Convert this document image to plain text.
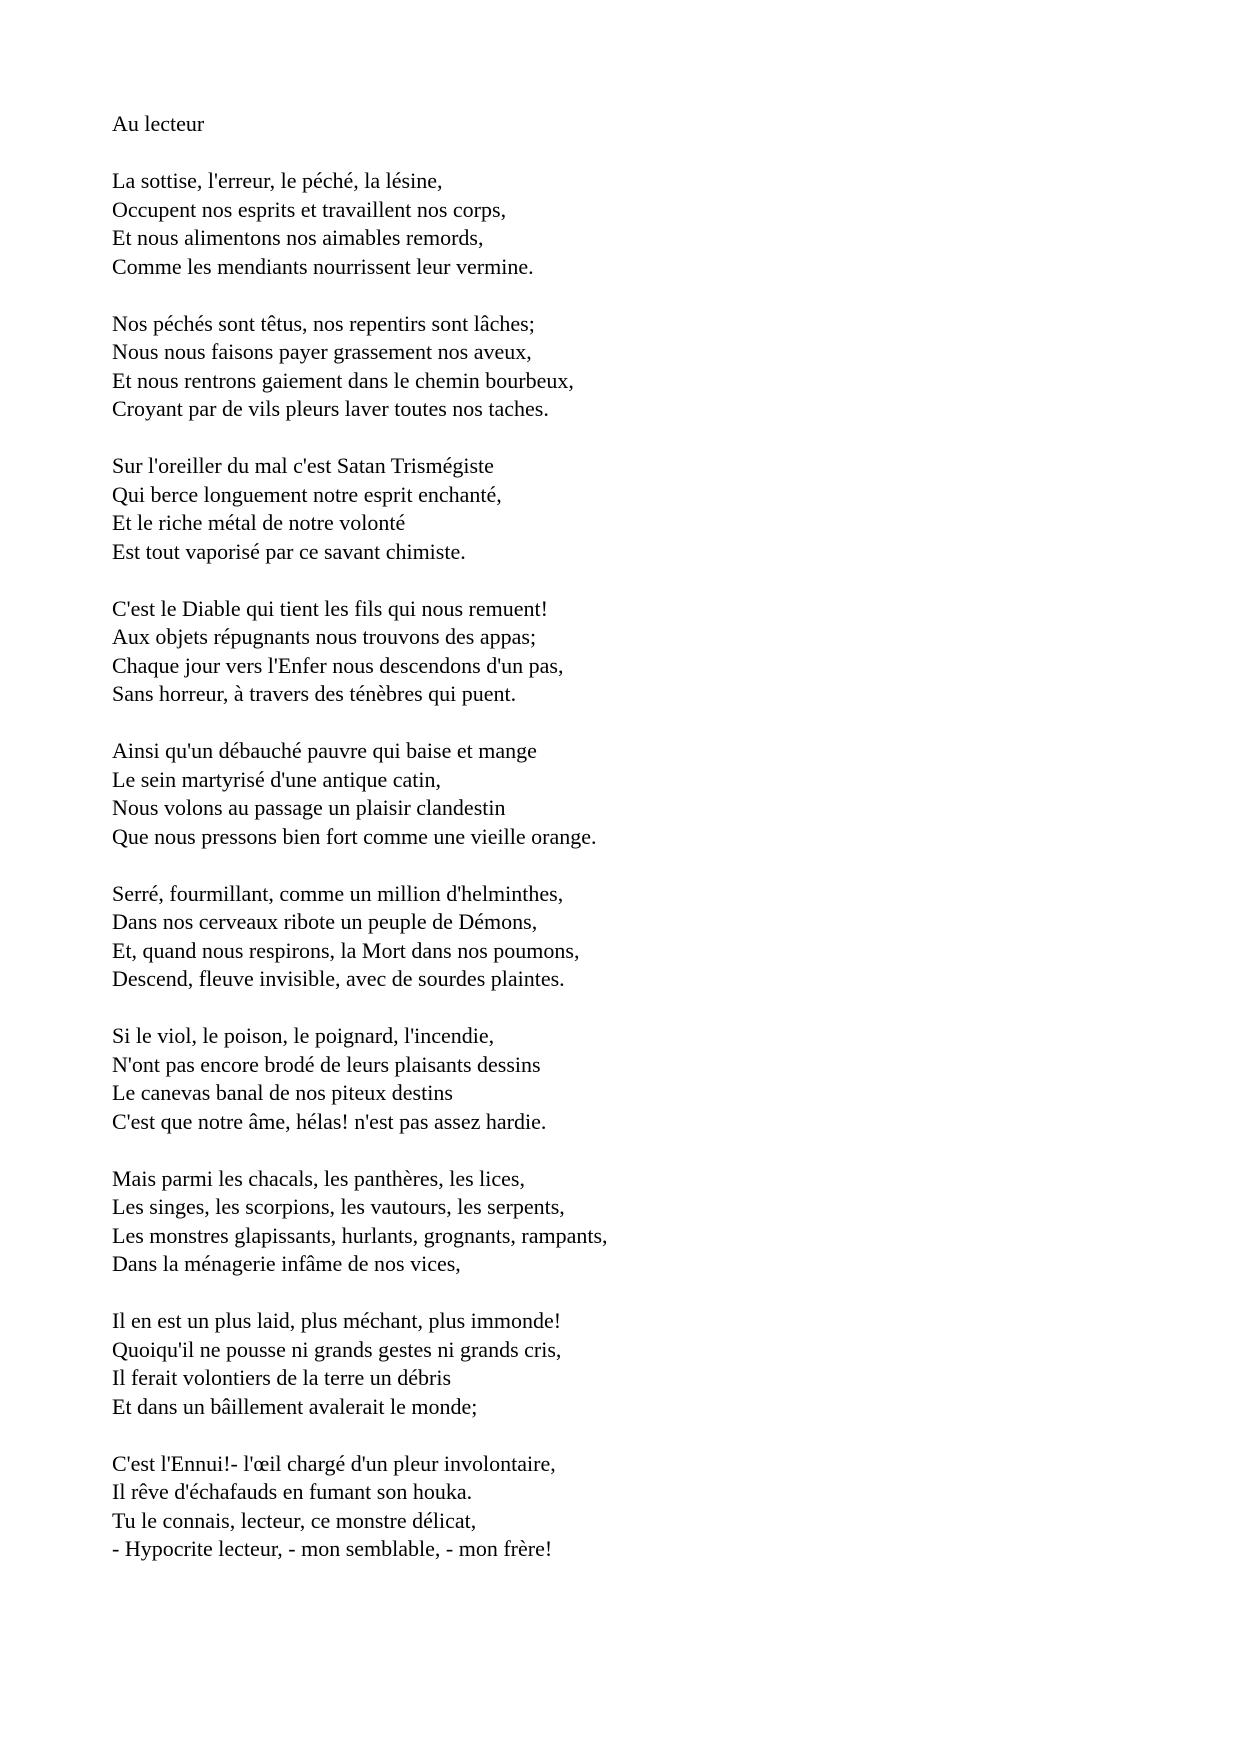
Au lecteur

La sottise, l'erreur, le péché, la lésine,
Occupent nos esprits et travaillent nos corps,
Et nous alimentons nos aimables remords,
Comme les mendiants nourrissent leur vermine.
Nos péchés sont têtus, nos repentirs sont lâches;
Nous nous faisons payer grassement nos aveux,
Et nous rentrons gaiement dans le chemin bourbeux,
Croyant par de vils pleurs laver toutes nos taches.
Sur l'oreiller du mal c'est Satan Trismégiste
Qui berce longuement notre esprit enchanté,
Et le riche métal de notre volonté
Est tout vaporisé par ce savant chimiste.
C'est le Diable qui tient les fils qui nous remuent!
Aux objets répugnants nous trouvons des appas;
Chaque jour vers l'Enfer nous descendons d'un pas,
Sans horreur, à travers des ténèbres qui puent.
Ainsi qu'un débauché pauvre qui baise et mange
Le sein martyrisé d'une antique catin,
Nous volons au passage un plaisir clandestin
Que nous pressons bien fort comme une vieille orange.
Serré, fourmillant, comme un million d'helminthes,
Dans nos cerveaux ribote un peuple de Démons,
Et, quand nous respirons, la Mort dans nos poumons,
Descend, fleuve invisible, avec de sourdes plaintes.
Si le viol, le poison, le poignard, l'incendie,
N'ont pas encore brodé de leurs plaisants dessins
Le canevas banal de nos piteux destins
C'est que notre âme, hélas! n'est pas assez hardie.
Mais parmi les chacals, les panthères, les lices,
Les singes, les scorpions, les vautours, les serpents,
Les monstres glapissants, hurlants, grognants, rampants,
Dans la ménagerie infâme de nos vices,
Il en est un plus laid, plus méchant, plus immonde!
Quoiqu'il ne pousse ni grands gestes ni grands cris,
Il ferait volontiers de la terre un débris
Et dans un bâillement avalerait le monde;
C'est l'Ennui!- l'œil chargé d'un pleur involontaire,
Il rêve d'échafauds en fumant son houka.
Tu le connais, lecteur, ce monstre délicat,
- Hypocrite lecteur, - mon semblable, - mon frère!
